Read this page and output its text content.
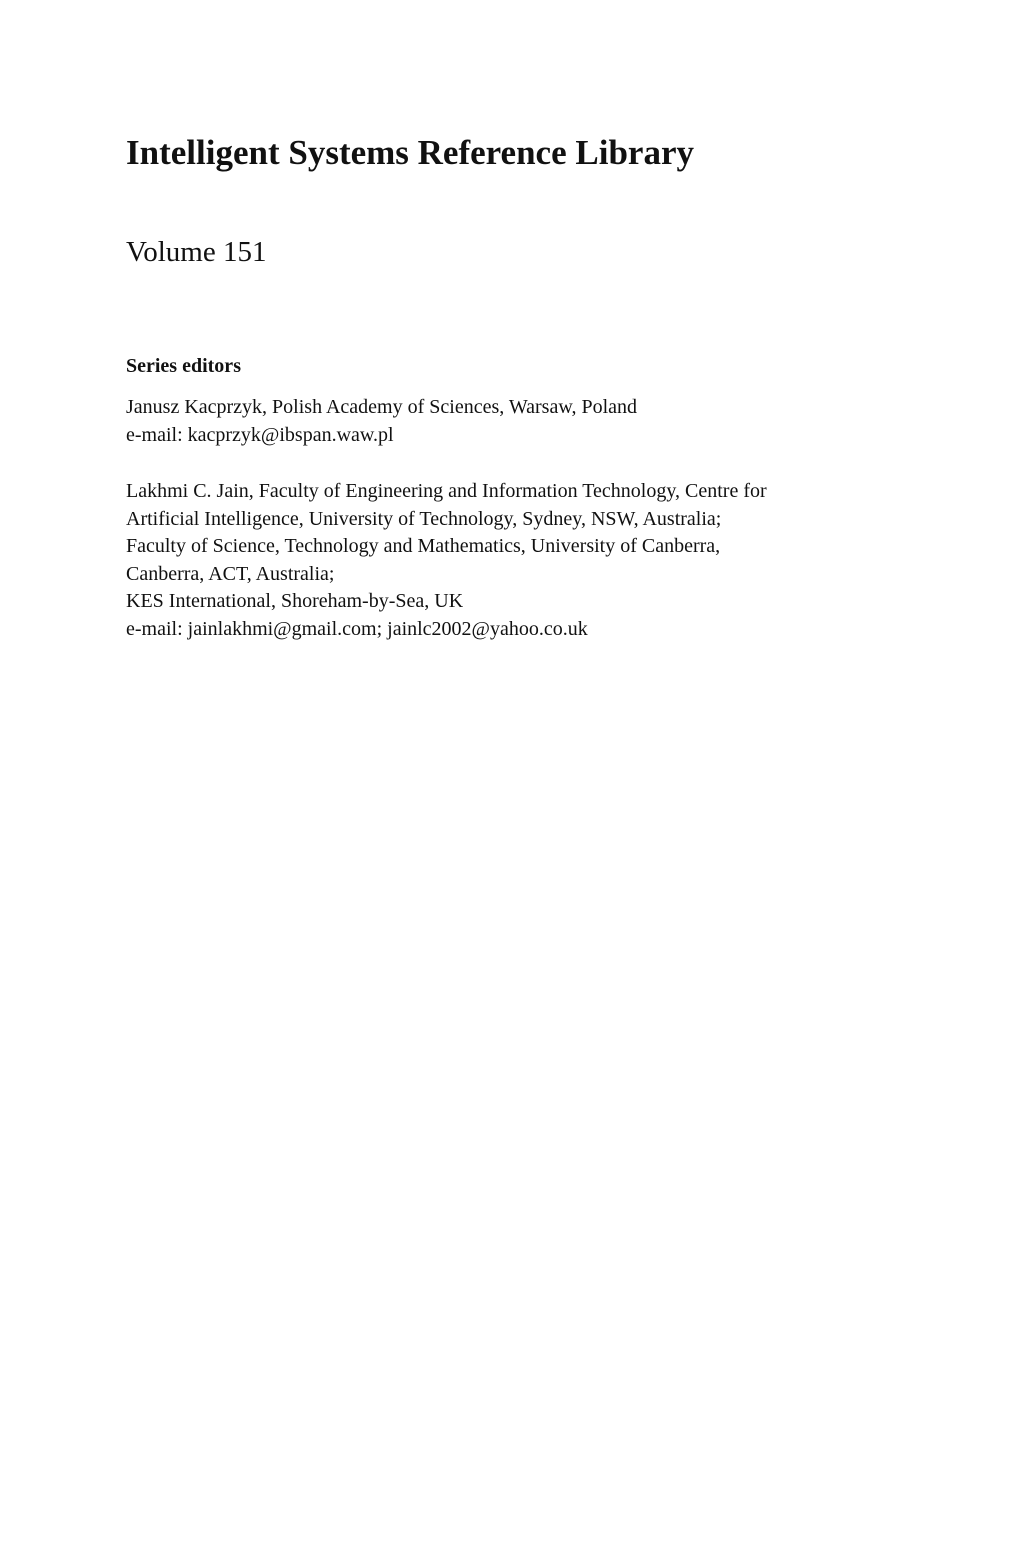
Intelligent Systems Reference Library
Volume 151
Series editors
Janusz Kacprzyk, Polish Academy of Sciences, Warsaw, Poland
e-mail: kacprzyk@ibspan.waw.pl
Lakhmi C. Jain, Faculty of Engineering and Information Technology, Centre for
Artificial Intelligence, University of Technology, Sydney, NSW, Australia;
Faculty of Science, Technology and Mathematics, University of Canberra,
Canberra, ACT, Australia;
KES International, Shoreham-by-Sea, UK
e-mail: jainlakhmi@gmail.com; jainlc2002@yahoo.co.uk
